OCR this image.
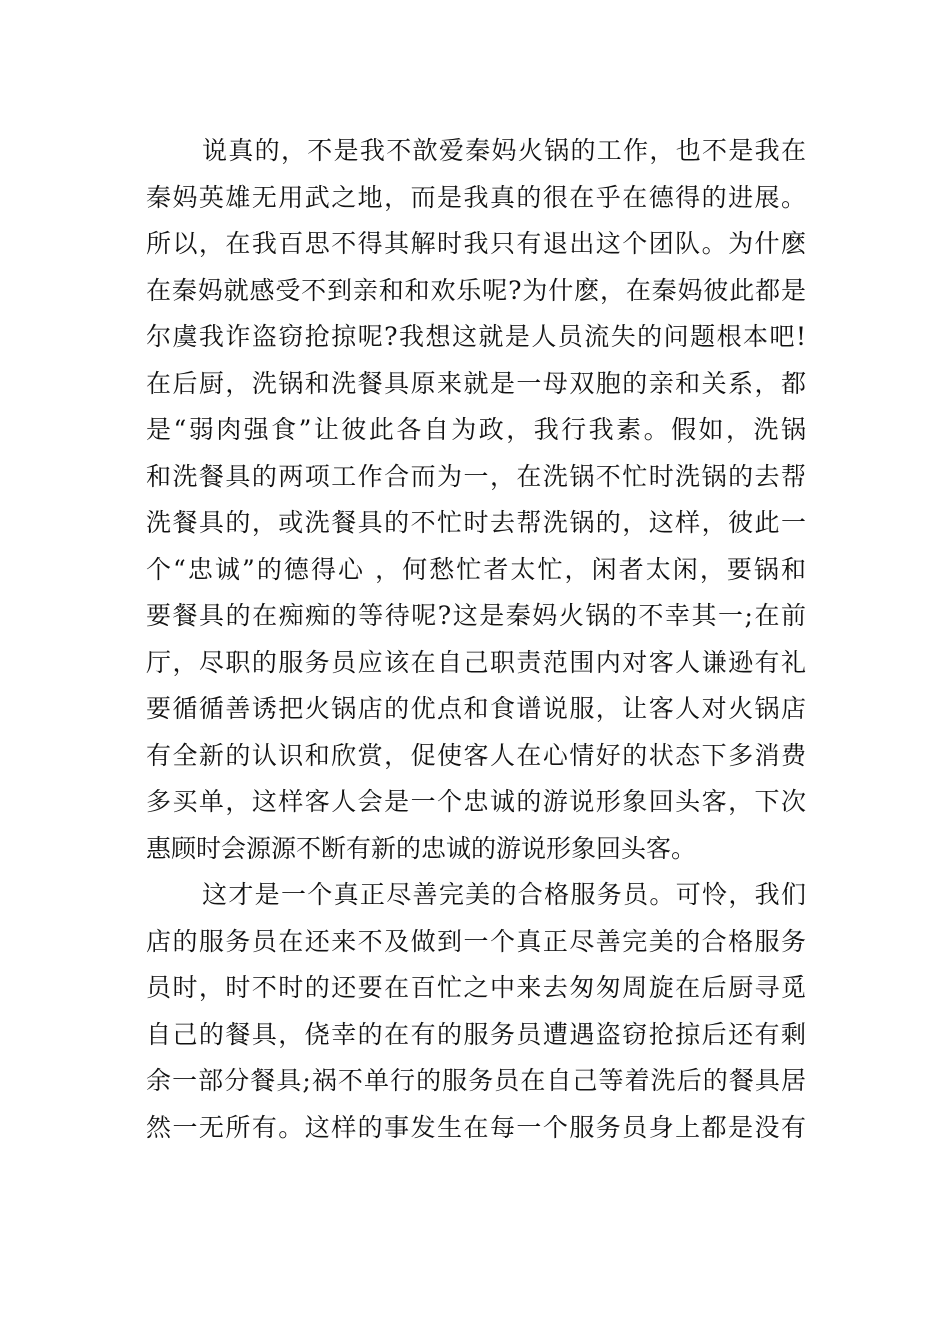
说真的，不是我不歆爱秦妈火锅的工作，也不是我在
秦妈英雄无用武之地，而是我真的很在乎在德得的进展。
所以，在我百思不得其解时我只有退出这个团队。为什麽
在秦妈就感受不到亲和和欢乐呢?为什麽，在秦妈彼此都是
尔虞我诈盗窃抢掠呢?我想这就是人员流失的问题根本吧!
在后厨，洗锅和洗餐具原来就是一母双胞的亲和关系，都
是“弱肉强食”让彼此各自为政，我行我素。假如，洗锅
和洗餐具的两项工作合而为一，在洗锅不忙时洗锅的去帮
洗餐具的，或洗餐具的不忙时去帮洗锅的，这样，彼此一
个“忠诚”的德得心 ，何愁忙者太忙，闲者太闲，要锅和
要餐具的在痴痴的等待呢?这是秦妈火锅的不幸其一;在前
厅，尽职的服务员应该在自己职责范围内对客人谦逊有礼
要循循善诱把火锅店的优点和食谱说服，让客人对火锅店
有全新的认识和欣赏，促使客人在心情好的状态下多消费
多买单，这样客人会是一个忠诚的游说形象回头客，下次
惠顾时会源源不断有新的忠诚的游说形象回头客。
这才是一个真正尽善完美的合格服务员。可怜，我们
店的服务员在还来不及做到一个真正尽善完美的合格服务
员时，时不时的还要在百忙之中来去匆匆周旋在后厨寻觅
自己的餐具，侥幸的在有的服务员遭遇盗窃抢掠后还有剩
余一部分餐具;祸不单行的服务员在自己等着洗后的餐具居
然一无所有。这样的事发生在每一个服务员身上都是没有
